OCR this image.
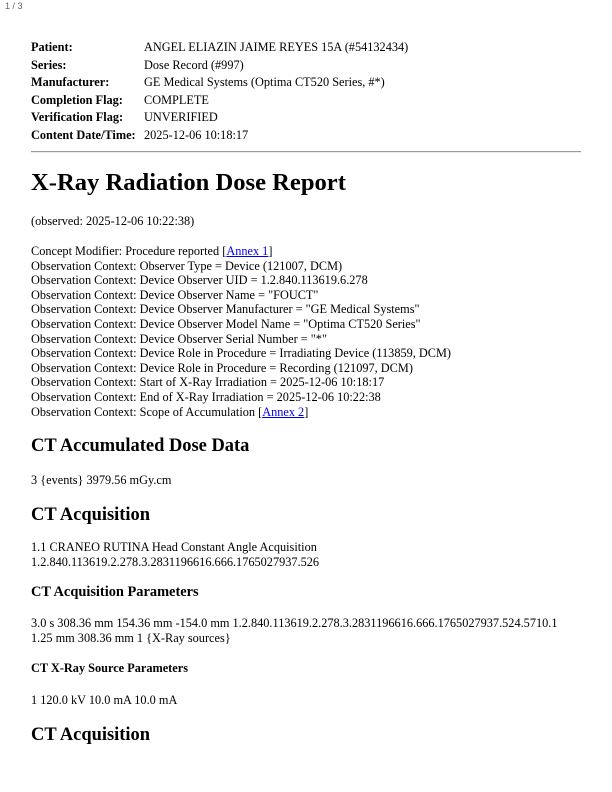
1 / 3
Patient:	ANGEL ELIAZIN JAIME REYES 15A (#54132434)
Series:	Dose Record (#997)
Manufacturer:	GE Medical Systems (Optima CT520 Series, #*)
Completion Flag:	COMPLETE
Verification Flag:	UNVERIFIED
Content Date/Time: 2025-12-06 10:18:17
X-Ray Radiation Dose Report
(observed: 2025-12-06 10:22:38)
Concept Modifier: Procedure reported [Annex 1]
Observation Context: Observer Type = Device (121007, DCM)
Observation Context: Device Observer UID = 1.2.840.113619.6.278
Observation Context: Device Observer Name = "FOUCT"
Observation Context: Device Observer Manufacturer = "GE Medical Systems"
Observation Context: Device Observer Model Name = "Optima CT520 Series"
Observation Context: Device Observer Serial Number = "*"
Observation Context: Device Role in Procedure = Irradiating Device (113859, DCM)
Observation Context: Device Role in Procedure = Recording (121097, DCM)
Observation Context: Start of X-Ray Irradiation = 2025-12-06 10:18:17
Observation Context: End of X-Ray Irradiation = 2025-12-06 10:22:38
Observation Context: Scope of Accumulation [Annex 2]
CT Accumulated Dose Data
3 {events} 3979.56 mGy.cm
CT Acquisition
1.1 CRANEO RUTINA Head Constant Angle Acquisition
1.2.840.113619.2.278.3.2831196616.666.1765027937.526
CT Acquisition Parameters
3.0 s 308.36 mm 154.36 mm -154.0 mm 1.2.840.113619.2.278.3.2831196616.666.1765027937.524.5710.1
1.25 mm 308.36 mm 1 {X-Ray sources}
CT X-Ray Source Parameters
1 120.0 kV 10.0 mA 10.0 mA
CT Acquisition
